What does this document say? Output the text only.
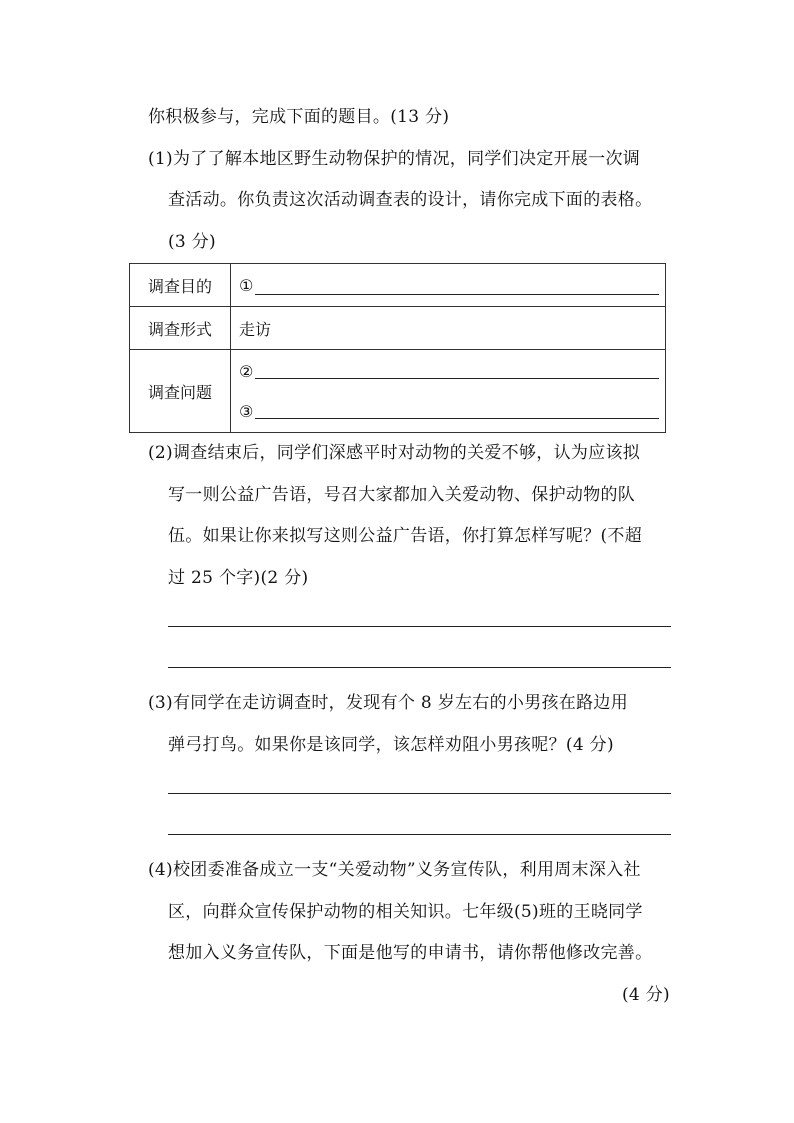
你积极参与，完成下面的题目。(13 分)
(1)为了了解本地区野生动物保护的情况，同学们决定开展一次调
查活动。你负责这次活动调查表的设计，请你完成下面的表格。
(3 分)
调查目的	①

调查形式	走访
调查问题	②
③
(2)调查结束后，同学们深感平时对动物的关爱不够，认为应该拟
写一则公益广告语，号召大家都加入关爱动物、保护动物的队
伍。如果让你来拟写这则公益广告语，你打算怎样写呢？(不超
过 25 个字)(2 分)
(3)有同学在走访调查时，发现有个 8 岁左右的小男孩在路边用
弹弓打鸟。如果你是该同学，该怎样劝阻小男孩呢？(4 分)
(4)校团委准备成立一支“关爱动物”义务宣传队，利用周末深入社
区，向群众宣传保护动物的相关知识。七年级(5)班的王晓同学
想加入义务宣传队，下面是他写的申请书，请你帮他修改完善。
(4 分)
